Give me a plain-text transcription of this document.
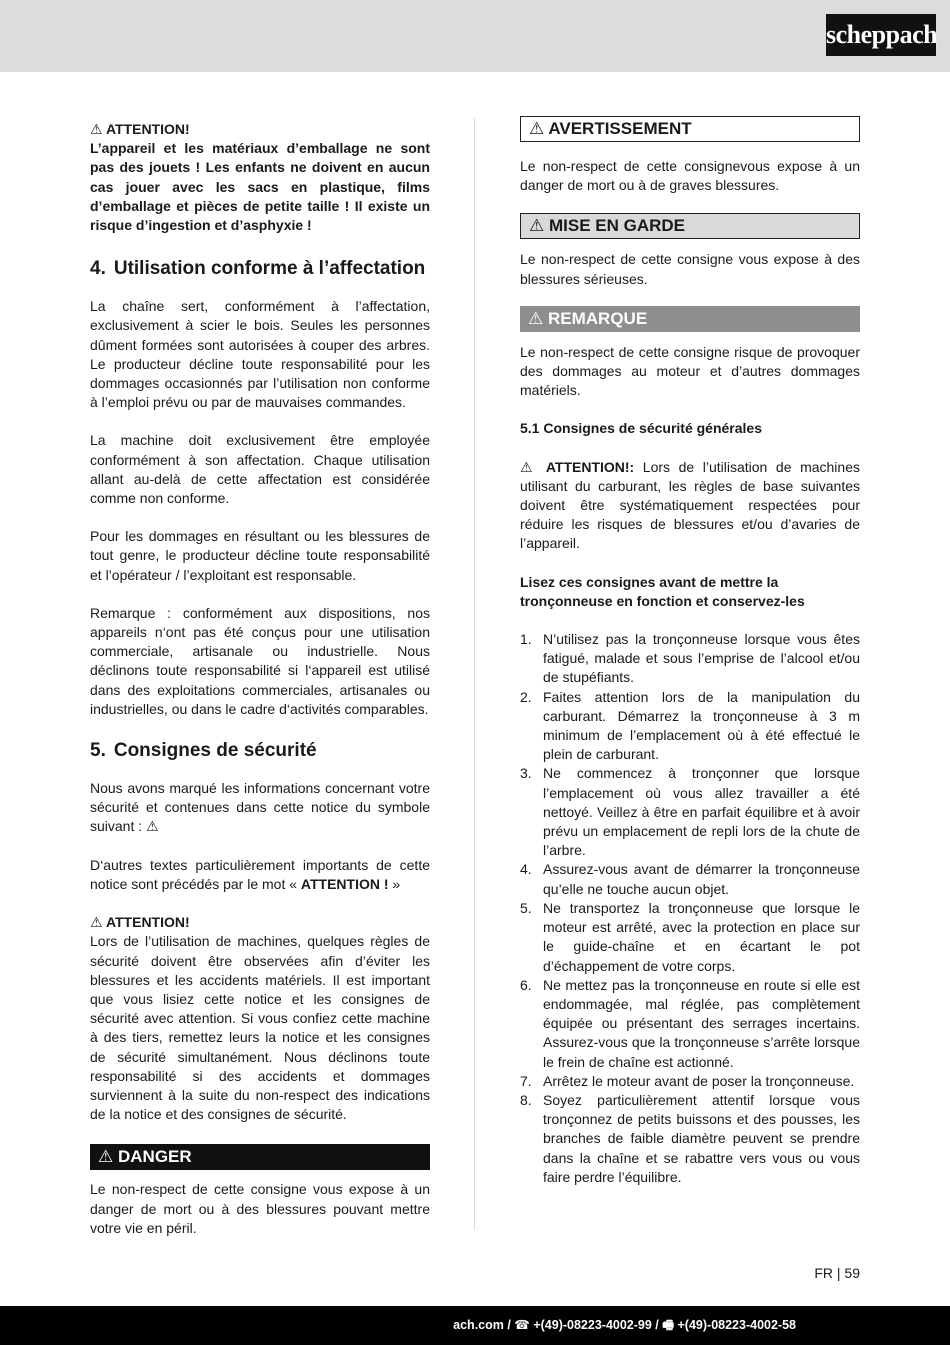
scheppach

⚠ ATTENTION!

L’appareil et les matériaux d’emballage ne sont pas des jouets ! Les enfants ne doivent en aucun cas jouer avec les sacs en plastique, films d’emballage et pièces de petite taille ! Il existe un risque d’ingestion et d’asphyxie !

4. Utilisation conforme à l’affectation

La chaîne sert, conformément à l’affectation, exclusivement à scier le bois. Seules les personnes dûment formées sont autorisées à couper des arbres. Le producteur décline toute responsabilité pour les dommages occasionnés par l’utilisation non conforme à l’emploi prévu ou par de mauvaises commandes.

La machine doit exclusivement être employée conformément à son affectation. Chaque utilisation allant au-delà de cette affectation est considérée comme non conforme.

Pour les dommages en résultant ou les blessures de tout genre, le producteur décline toute responsabilité et l’opérateur / l’exploitant est responsable.

Remarque : conformément aux dispositions, nos appareils n‘ont pas été conçus pour une utilisation commerciale, artisanale ou industrielle. Nous déclinons toute responsabilité si l‘appareil est utilisé dans des exploitations commerciales, artisanales ou industrielles, ou dans le cadre d‘activités comparables.

5. Consignes de sécurité

Nous avons marqué les informations concernant votre sécurité et contenues dans cette notice du symbole suivant : ⚠

D‘autres textes particulièrement importants de cette notice sont précédés par le mot « ATTENTION ! »

⚠ ATTENTION!

Lors de l’utilisation de machines, quelques règles de sécurité doivent être observées afin d’éviter les blessures et les accidents matériels. Il est important que vous lisiez cette notice et les consignes de sécurité avec attention. Si vous confiez cette machine à des tiers, remettez leurs la notice et les consignes de sécurité simultanément. Nous déclinons toute responsabilité si des accidents et dommages surviennent à la suite du non-respect des indications de la notice et des consignes de sécurité.

⚠ DANGER

Le non-respect de cette consigne vous expose à un danger de mort ou à des blessures pouvant mettre votre vie en péril.

⚠ AVERTISSEMENT

Le non-respect de cette consignevous expose à un danger de mort ou à de graves blessures.

⚠ MISE EN GARDE

Le non-respect de cette consigne vous expose à des blessures sérieuses.

⚠ REMARQUE

Le non-respect de cette consigne risque de provoquer des dommages au moteur et d’autres dommages matériels.

5.1 Consignes de sécurité générales

⚠ ATTENTION!: Lors de l’utilisation de machines utilisant du carburant, les règles de base suivantes doivent être systématiquement respectées pour réduire les risques de blessures et/ou d’avaries de l’appareil.

Lisez ces consignes avant de mettre la tronçonneuse en fonction et conservez-les

1. N’utilisez pas la tronçonneuse lorsque vous êtes fatigué, malade et sous l’emprise de l’alcool et/ou de stupéfiants.
2. Faites attention lors de la manipulation du carburant. Démarrez la tronçonneuse à 3 m minimum de l’emplacement où à été effectué le plein de carburant.
3. Ne commencez à tronçonner que lorsque l’emplacement où vous allez travailler a été nettoyé. Veillez à être en parfait équilibre et à avoir prévu un emplacement de repli lors de la chute de l’arbre.
4. Assurez-vous avant de démarrer la tronçonneuse qu’elle ne touche aucun objet.
5. Ne transportez la tronçonneuse que lorsque le moteur est arrêté, avec la protection en place sur le guide-chaîne et en écartant le pot d’échappement de votre corps.
6. Ne mettez pas la tronçonneuse en route si elle est endommagée, mal réglée, pas complètement équipée ou présentant des serrages incertains. Assurez-vous que la tronçonneuse s’arrête lorsque le frein de chaîne est actionné.
7. Arrêtez le moteur avant de poser la tronçonneuse.
8. Soyez particulièrement attentif lorsque vous tronçonnez de petits buissons et des pousses, les branches de faible diamètre peuvent se prendre dans la chaîne et se rabattre vers vous ou vous faire perdre l’équilibre.
FR | 59
ach.com / ☎ +(49)-08223-4002-99 / 🖷 +(49)-08223-4002-58
